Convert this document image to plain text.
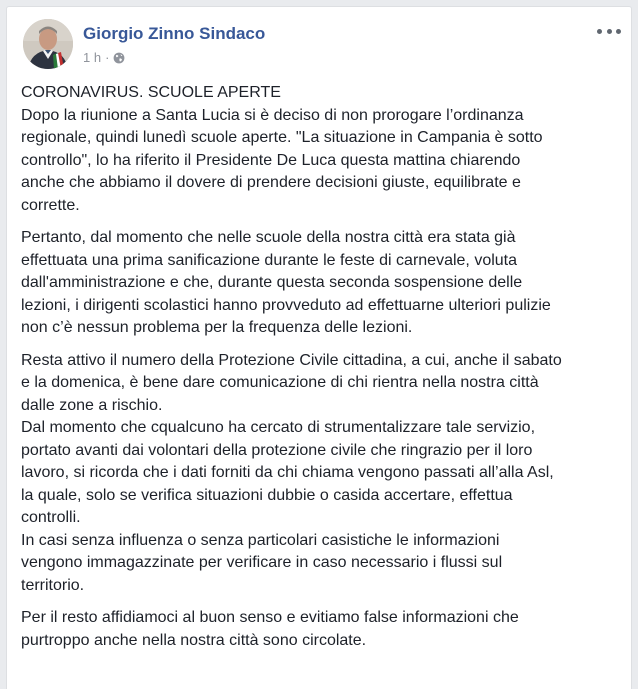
Giorgio Zinno Sindaco
1 h ·

CORONAVIRUS. SCUOLE APERTE
Dopo la riunione a Santa Lucia si è deciso di non prorogare l’ordinanza
regionale, quindi lunedì scuole aperte. "La situazione in Campania è sotto
controllo", lo ha riferito il Presidente De Luca questa mattina chiarendo
anche che abbiamo il dovere di prendere decisioni giuste, equilibrate e
corrette.

Pertanto, dal momento che nelle scuole della nostra città era stata già
effettuata una prima sanificazione durante le feste di carnevale, voluta
dall'amministrazione e che, durante questa seconda sospensione delle
lezioni, i dirigenti scolastici hanno provveduto ad effettuarne ulteriori pulizie
non c’è nessun problema per la frequenza delle lezioni.

Resta attivo il numero della Protezione Civile cittadina, a cui, anche il sabato
e la domenica, è bene dare comunicazione di chi rientra nella nostra città
dalle zone a rischio.
Dal momento che cqualcuno ha cercato di strumentalizzare tale servizio,
portato avanti dai volontari della protezione civile che ringrazio per il loro
lavoro, si ricorda che i dati forniti da chi chiama vengono passati all’alla Asl,
la quale, solo se verifica situazioni dubbie o casida accertare, effettua
controlli.
In casi senza influenza o senza particolari casistiche le informazioni
vengono immagazzinate per verificare in caso necessario i flussi sul
territorio.

Per il resto affidiamoci al buon senso e evitiamo false informazioni che
purtroppo anche nella nostra città sono circolate.
